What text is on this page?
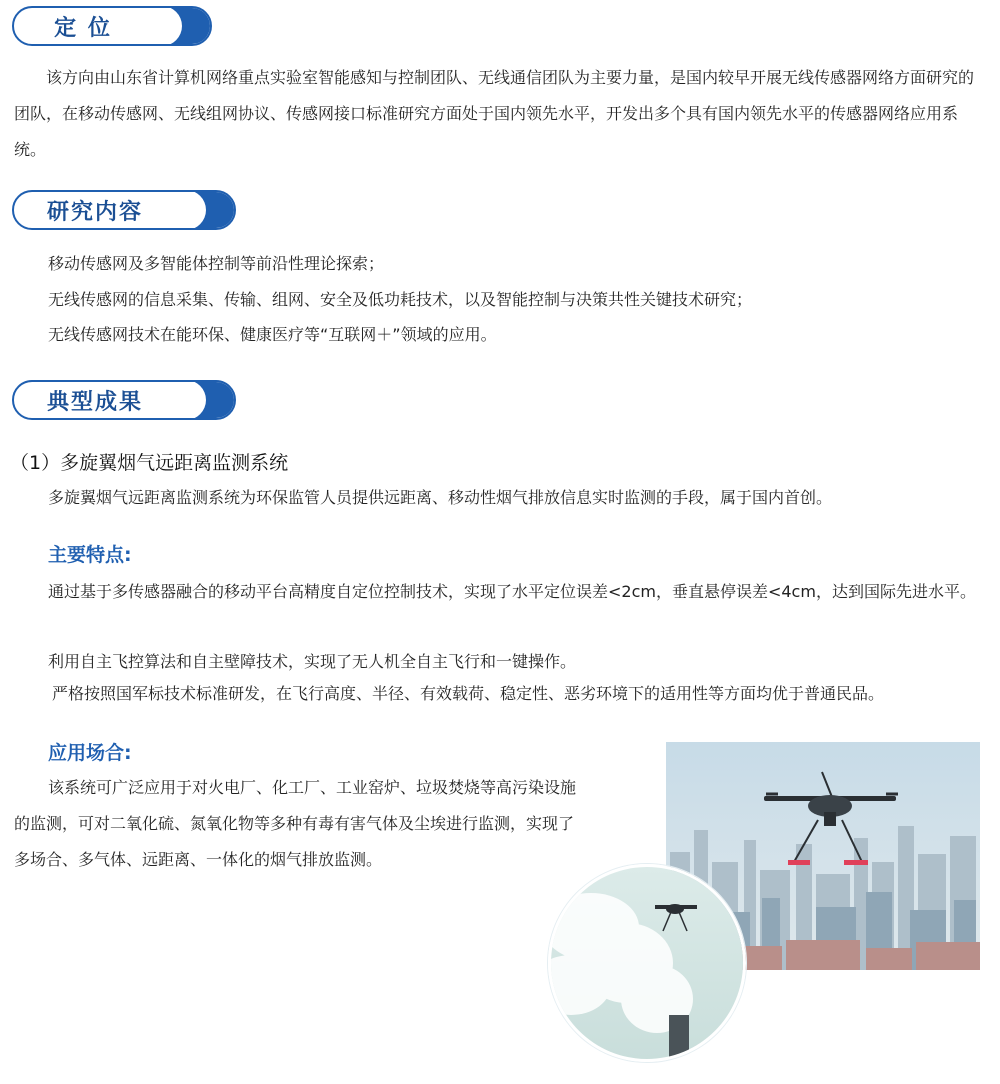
定 位

该方向由山东省计算机网络重点实验室智能感知与控制团队、无线通信团队为主要力量，是国内较早开展无线传感器网络方面研究的团队，在移动传感网、无线组网协议、传感网接口标准研究方面处于国内领先水平，开发出多个具有国内领先水平的传感器网络应用系统。

研究内容

移动传感网及多智能体控制等前沿性理论探索；

无线传感网的信息采集、传输、组网、安全及低功耗技术，以及智能控制与决策共性关键技术研究；

无线传感网技术在能环保、健康医疗等“互联网＋”领域的应用。

典型成果

（1）多旋翼烟气远距离监测系统

多旋翼烟气远距离监测系统为环保监管人员提供远距离、移动性烟气排放信息实时监测的手段，属于国内首创。

主要特点:

通过基于多传感器融合的移动平台高精度自定位控制技术，实现了水平定位误差<2cm，垂直悬停误差<4cm，达到国际先进水平。

利用自主飞控算法和自主壁障技术，实现了无人机全自主飞行和一键操作。

严格按照国军标技术标准研发，在飞行高度、半径、有效载荷、稳定性、恶劣环境下的适用性等方面均优于普通民品。

应用场合:

该系统可广泛应用于对火电厂、化工厂、工业窑炉、垃圾焚烧等高污染设施的监测，可对二氧化硫、氮氧化物等多种有毒有害气体及尘埃进行监测，实现了多场合、多气体、远距离、一体化的烟气排放监测。
